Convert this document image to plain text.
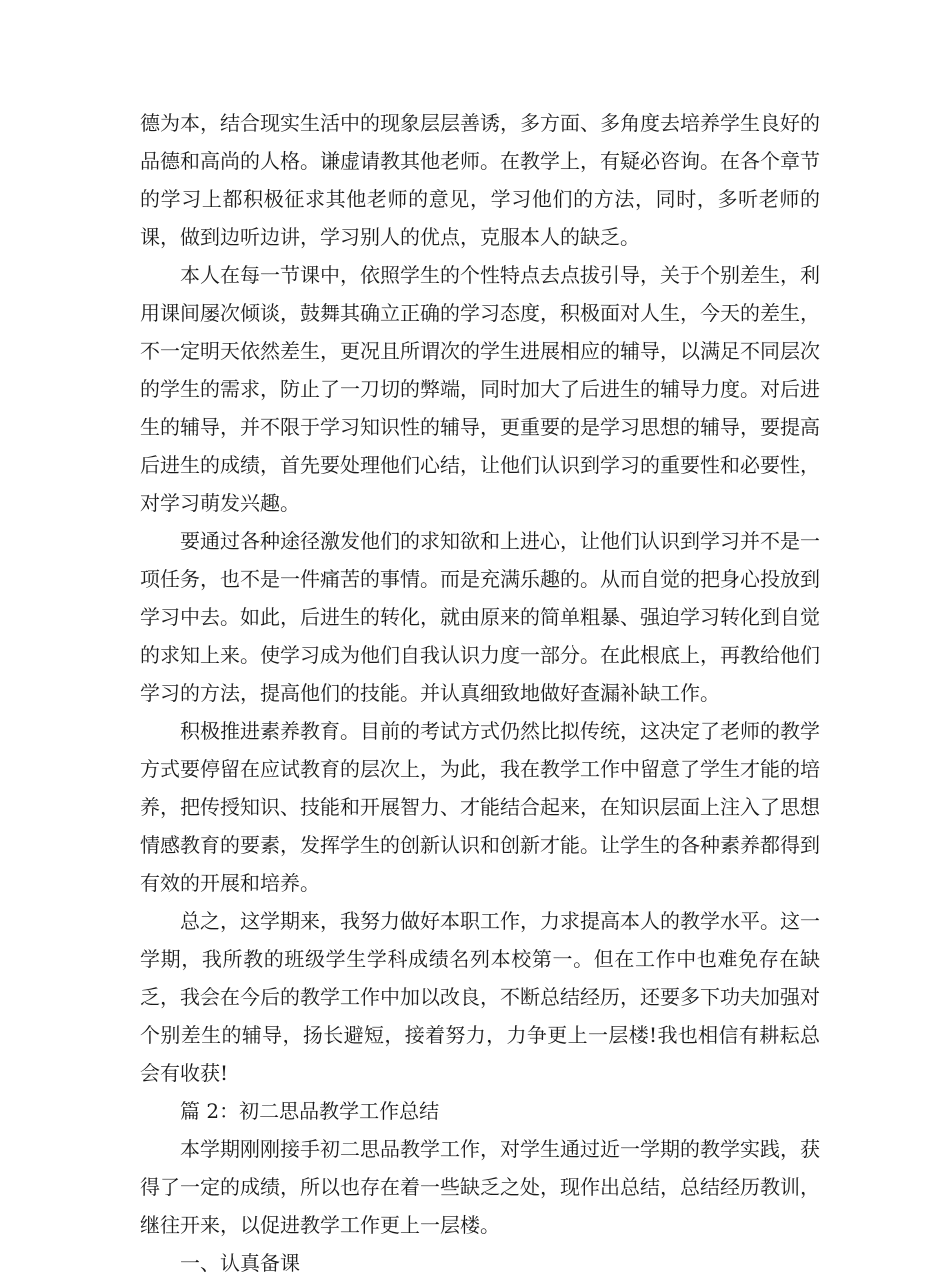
德为本，结合现实生活中的现象层层善诱，多方面、多角度去培养学生良好的品德和高尚的人格。谦虚请教其他老师。在教学上，有疑必咨询。在各个章节的学习上都积极征求其他老师的意见，学习他们的方法，同时，多听老师的课，做到边听边讲，学习别人的优点，克服本人的缺乏。

本人在每一节课中，依照学生的个性特点去点拔引导，关于个别差生，利用课间屡次倾谈，鼓舞其确立正确的学习态度，积极面对人生，今天的差生，不一定明天依然差生，更况且所谓次的学生进展相应的辅导，以满足不同层次的学生的需求，防止了一刀切的弊端，同时加大了后进生的辅导力度。对后进生的辅导，并不限于学习知识性的辅导，更重要的是学习思想的辅导，要提高后进生的成绩，首先要处理他们心结，让他们认识到学习的重要性和必要性，对学习萌发兴趣。

要通过各种途径激发他们的求知欲和上进心，让他们认识到学习并不是一项任务，也不是一件痛苦的事情。而是充满乐趣的。从而自觉的把身心投放到学习中去。如此，后进生的转化，就由原来的简单粗暴、强迫学习转化到自觉的求知上来。使学习成为他们自我认识力度一部分。在此根底上，再教给他们学习的方法，提高他们的技能。并认真细致地做好查漏补缺工作。

积极推进素养教育。目前的考试方式仍然比拟传统，这决定了老师的教学方式要停留在应试教育的层次上，为此，我在教学工作中留意了学生才能的培养，把传授知识、技能和开展智力、才能结合起来，在知识层面上注入了思想情感教育的要素，发挥学生的创新认识和创新才能。让学生的各种素养都得到有效的开展和培养。

总之，这学期来，我努力做好本职工作，力求提高本人的教学水平。这一学期，我所教的班级学生学科成绩名列本校第一。但在工作中也难免存在缺乏，我会在今后的教学工作中加以改良，不断总结经历，还要多下功夫加强对个别差生的辅导，扬长避短，接着努力，力争更上一层楼!我也相信有耕耘总会有收获!

篇 2：初二思品教学工作总结

本学期刚刚接手初二思品教学工作，对学生通过近一学期的教学实践，获得了一定的成绩，所以也存在着一些缺乏之处，现作出总结，总结经历教训，继往开来，以促进教学工作更上一层楼。

一、认真备课
